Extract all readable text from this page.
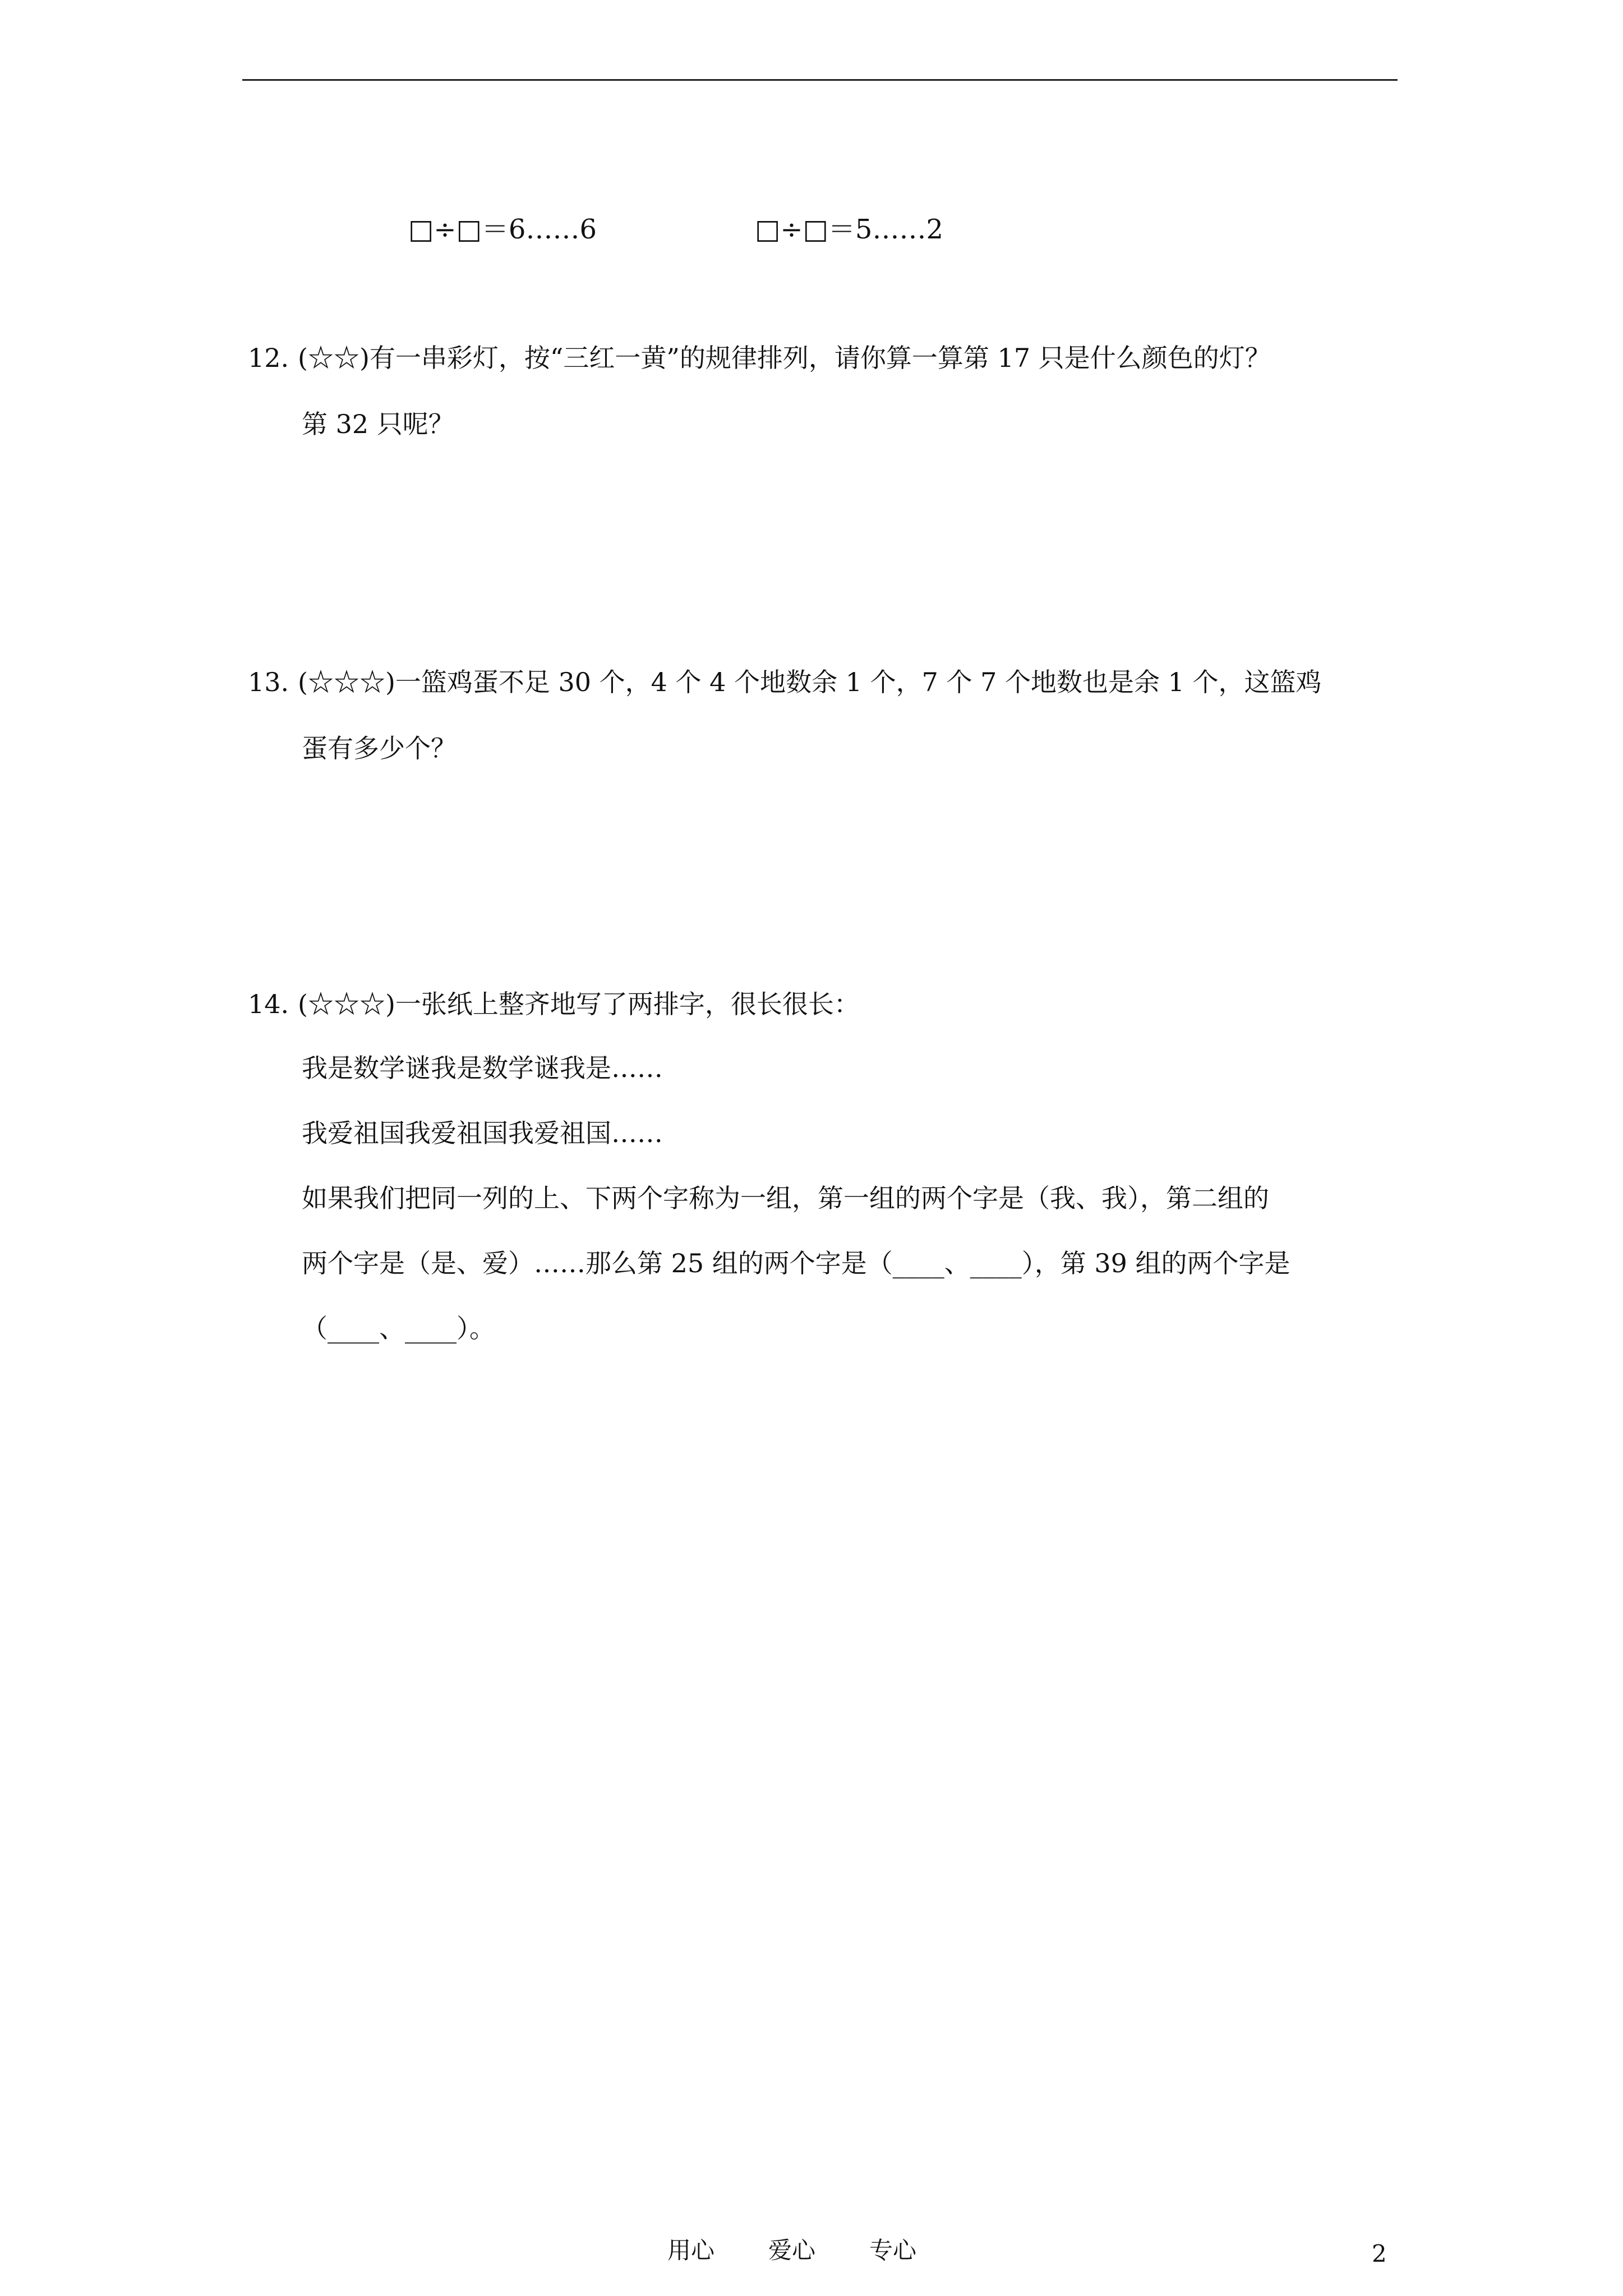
□÷□＝6……6	□÷□＝5……2
12. (☆☆)有一串彩灯，按“三红一黄”的规律排列，请你算一算第 17 只是什么颜色的灯？
第 32 只呢？
13. (☆☆☆)一篮鸡蛋不足 30 个，4 个 4 个地数余 1 个，7 个 7 个地数也是余 1 个，这篮鸡
蛋有多少个？
14. (☆☆☆)一张纸上整齐地写了两排字，很长很长：
我是数学谜我是数学谜我是……
我爱祖国我爱祖国我爱祖国……
如果我们把同一列的上、下两个字称为一组，第一组的两个字是（我、我），第二组的
两个字是（是、爱）……那么第 25 组的两个字是（____、____），第 39 组的两个字是
（____、____）。
用心 爱心 专心	2
